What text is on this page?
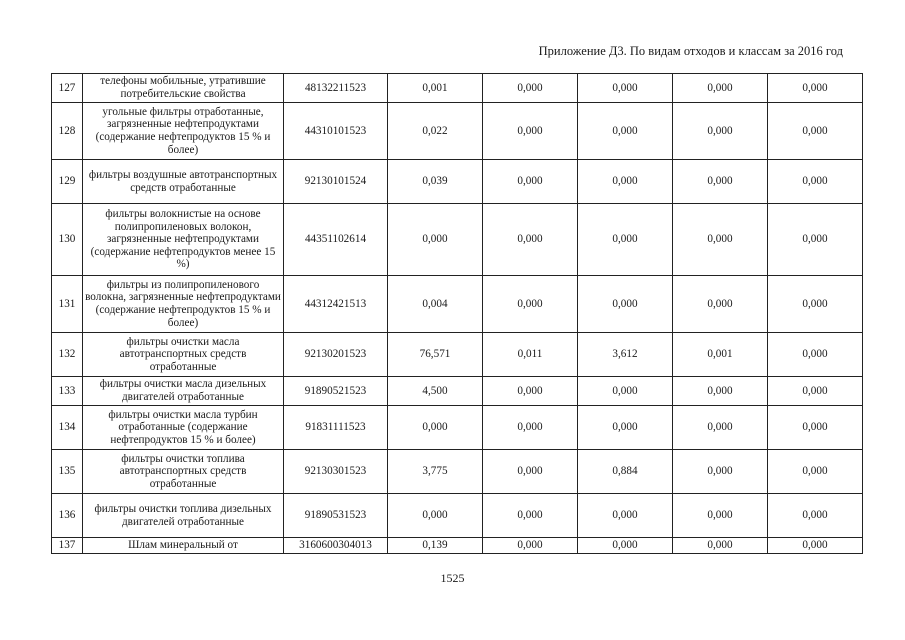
Приложение Д3. По видам отходов и классам за 2016 год
127	телефоны мобильные, утратившие потребительские свойства	48132211523	0,001	0,000	0,000	0,000	0,000
128	угольные фильтры отработанные, загрязненные нефтепродуктами (содержание нефтепродуктов 15 % и более)	44310101523	0,022	0,000	0,000	0,000	0,000
129	фильтры воздушные автотранспортных средств отработанные	92130101524	0,039	0,000	0,000	0,000	0,000
130	фильтры волокнистые на основе полипропиленовых волокон, загрязненные нефтепродуктами (содержание нефтепродуктов менее 15 %)	44351102614	0,000	0,000	0,000	0,000	0,000
131	фильтры из полипропиленового волокна, загрязненные нефтепродуктами (содержание нефтепродуктов 15 % и более)	44312421513	0,004	0,000	0,000	0,000	0,000
132	фильтры очистки масла автотранспортных средств отработанные	92130201523	76,571	0,011	3,612	0,001	0,000
133	фильтры очистки масла дизельных двигателей отработанные	91890521523	4,500	0,000	0,000	0,000	0,000
134	фильтры очистки масла турбин отработанные (содержание нефтепродуктов 15 % и более)	91831111523	0,000	0,000	0,000	0,000	0,000
135	фильтры очистки топлива автотранспортных средств отработанные	92130301523	3,775	0,000	0,884	0,000	0,000
136	фильтры очистки топлива дизельных двигателей отработанные	91890531523	0,000	0,000	0,000	0,000	0,000
137	Шлам минеральный от	3160600304013	0,139	0,000	0,000	0,000	0,000
1525
